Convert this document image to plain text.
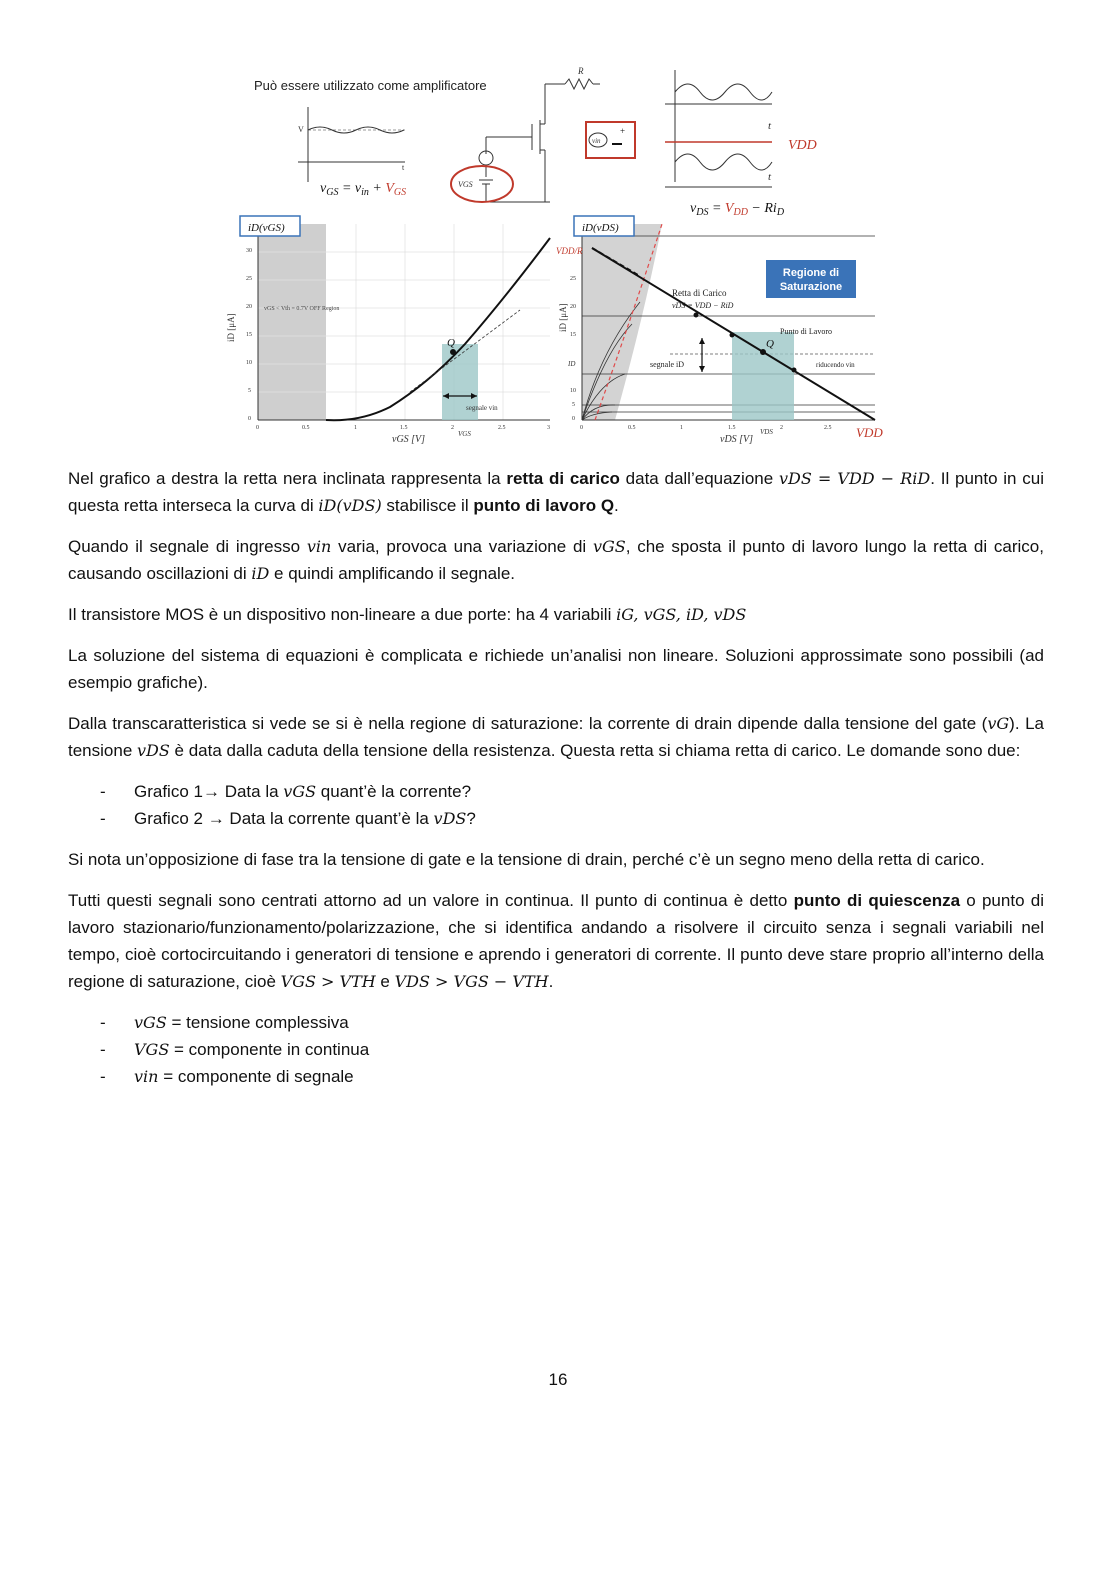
Può essere utilizzato come amplificatore
V
t
$v_{GS} = v_{in} + V_{GS}$
R
VGS
vin
+	t
t
VDD
$v_{DS} = V_{DD} - Ri_D$
iD(vGS)
iD [μA]
vGS [V]
vGS < Vth = 0.7V OFF Region
Q
segnale vin
VGS
30
25
20
15
10
5
0
0	0.5	1	1.5	2	2.5	3
iD(vDS)
Regione di Saturazione
iD [μA]
vDS [V]
VDD/R
Retta di Carico
vDS = VDD − RiD
Punto di Lavoro
Q
segnale iD	riducendo vin
ID
VDS	VDD
25
20
15
10
5
0
0	0.5	1	1.5	2	2.5

Nel grafico a destra la retta nera inclinata rappresenta la retta di carico data dall’equazione vDS = VDD − RiD. Il punto in cui questa retta interseca la curva di iD(vDS) stabilisce il punto di lavoro Q.

Quando il segnale di ingresso vin varia, provoca una variazione di vGS, che sposta il punto di lavoro lungo la retta di carico, causando oscillazioni di iD e quindi amplificando il segnale.

Il transistore MOS è un dispositivo non-lineare a due porte: ha 4 variabili iG, vGS, iD, vDS

La soluzione del sistema di equazioni è complicata e richiede un’analisi non lineare. Soluzioni approssimate sono possibili (ad esempio grafiche).

Dalla transcaratteristica si vede se si è nella regione di saturazione: la corrente di drain dipende dalla tensione del gate (vG). La tensione vDS è data dalla caduta della tensione della resistenza. Questa retta si chiama retta di carico. Le domande sono due:

- Grafico 1→ Data la vGS quant’è la corrente?
- Grafico 2 → Data la corrente quant’è la vDS?

Si nota un’opposizione di fase tra la tensione di gate e la tensione di drain, perché c’è un segno meno della retta di carico.

Tutti questi segnali sono centrati attorno ad un valore in continua. Il punto di continua è detto punto di quiescenza o punto di lavoro stazionario/funzionamento/polarizzazione, che si identifica andando a risolvere il circuito senza i segnali variabili nel tempo, cioè cortocircuitando i generatori di tensione e aprendo i generatori di corrente. Il punto deve stare proprio all’interno della regione di saturazione, cioè VGS > VTH e VDS > VGS − VTH.

- vGS = tensione complessiva
- VGS = componente in continua
- vin = componente di segnale
16
